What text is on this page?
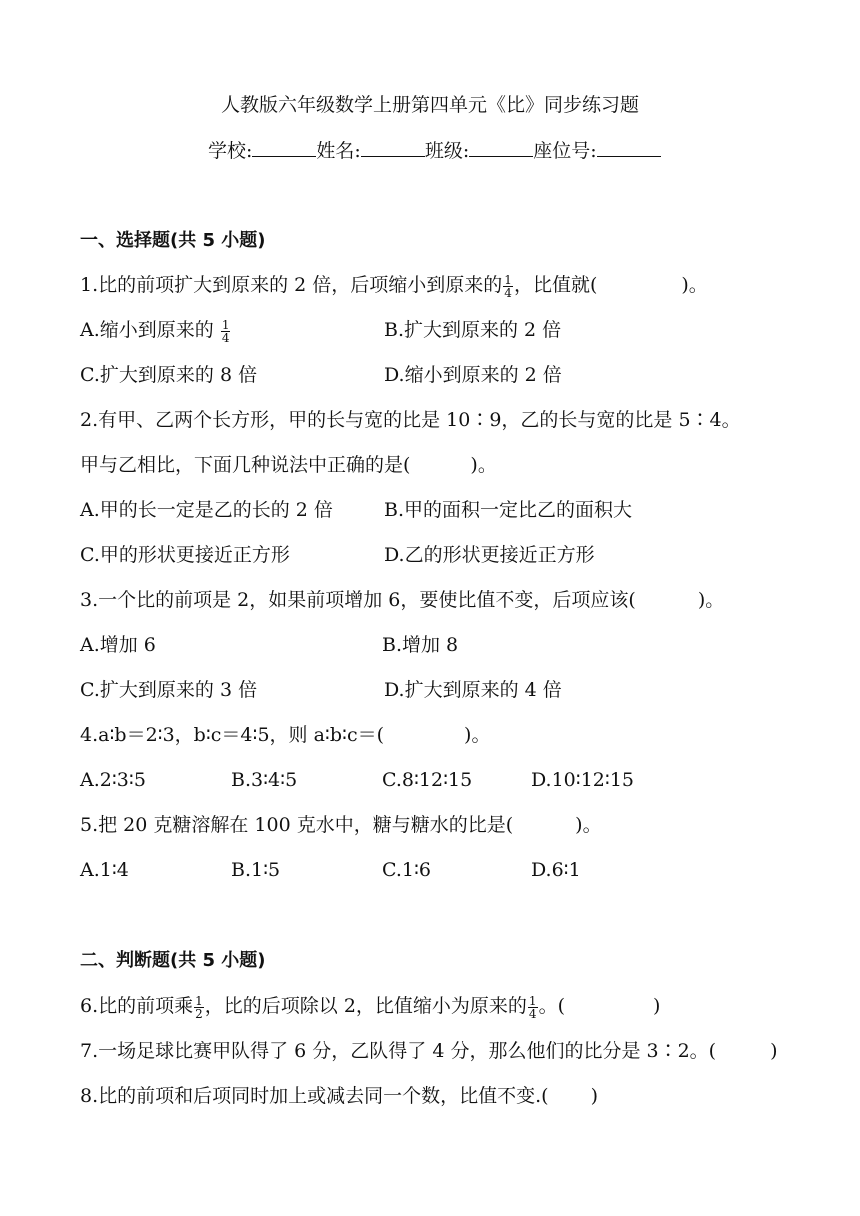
人教版六年级数学上册第四单元《比》同步练习题
学校:	姓名:	班级:	座位号:
一、选择题(共 5 小题)
1.比的前项扩大到原来的 2 倍，后项缩小到原来的 $\frac{1}{4}$ ，比值就(	)。
A.缩小到原来的 $\frac{1}{4}$	B.扩大到原来的 2 倍
C.扩大到原来的 8 倍	D.缩小到原来的 2 倍
2.有甲、乙两个长方形，甲的长与宽的比是 10∶9，乙的长与宽的比是 5∶4。
甲与乙相比，下面几种说法中正确的是(	)。
A.甲的长一定是乙的长的 2 倍	B.甲的面积一定比乙的面积大
C.甲的形状更接近正方形	D.乙的形状更接近正方形
3.一个比的前项是 2，如果前项增加 6，要使比值不变，后项应该(	)。
A.增加 6	B.增加 8
C.扩大到原来的 3 倍	D.扩大到原来的 4 倍
4.a∶b＝2∶3，b∶c＝4∶5，则 a∶b∶c＝(	)。
A.2∶3∶5	B.3∶4∶5	C.8∶12∶15	D.10∶12∶15
5.把 20 克糖溶解在 100 克水中，糖与糖水的比是(	)。
A.1∶4	B.1∶5	C.1∶6	D.6∶1
二、判断题(共 5 小题)
6.比的前项乘 $\frac{1}{2}$ ，比的后项除以 2，比值缩小为原来的 $\frac{1}{4}$ 。(	)
7.一场足球比赛甲队得了 6 分，乙队得了 4 分，那么他们的比分是 3∶2。(	)
8.比的前项和后项同时加上或减去同一个数，比值不变.( )
